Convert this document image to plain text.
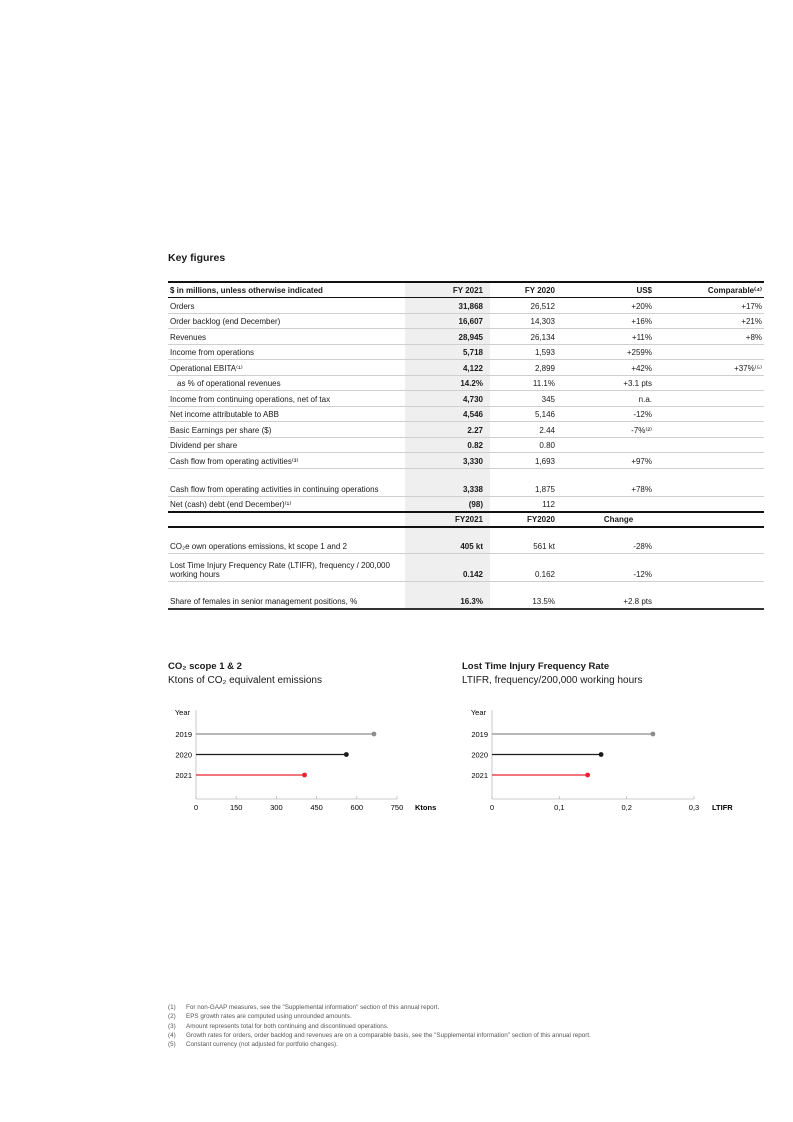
Key figures
$ in millions, unless otherwise indicated	FY 2021	FY 2020	US$	Comparable⁽⁴⁾
Orders	31,868	26,512	+20%	+17%
Order backlog (end December)	16,607	14,303	+16%	+21%
Revenues	28,945	26,134	+11%	+8%
Income from operations	5,718	1,593	+259%	
Operational EBITA⁽¹⁾	4,122	2,899	+42%	+37%⁽⁵⁾
as % of operational revenues	14.2%	11.1%	+3.1 pts	
Income from continuing operations, net of tax	4,730	345	n.a.	
Net income attributable to ABB	4,546	5,146	-12%	
Basic Earnings per share ($)	2.27	2.44	-7%⁽²⁾	
Dividend per share	0.82	0.80		
Cash flow from operating activities⁽³⁾	3,330	1,693	+97%	
Cash flow from operating activities in continuing operations	3,338	1,875	+78%	
Net (cash) debt (end December)⁽¹⁾	(98)	112		
	FY2021	FY2020	Change	

CO₂e own operations emissions, kt scope 1 and 2	405 kt	561 kt	-28%	
Lost Time Injury Frequency Rate (LTIFR), frequency / 200,000 working hours	0.142	0.162	-12%	
Share of females in senior management positions, %	16.3%	13.5%	+2.8 pts	
CO₂ scope 1 & 2
Ktons of CO₂ equivalent emissions
Year
0	150	300	450	600	750 Ktons
2019
2020
2021
Lost Time Injury Frequency Rate
LTIFR, frequency/200,000 working hours
Year
0	0,1	0,2	0,3 LTIFR
2019
2020
2021
(1)	For non-GAAP measures, see the "Supplemental information" section of this annual report.
(2)	EPS growth rates are computed using unrounded amounts.
(3)	Amount represents total for both continuing and discontinued operations.
(4)	Growth rates for orders, order backlog and revenues are on a comparable basis, see the "Supplemental information" section of this annual report.
(5)	Constant currency (not adjusted for portfolio changes).
